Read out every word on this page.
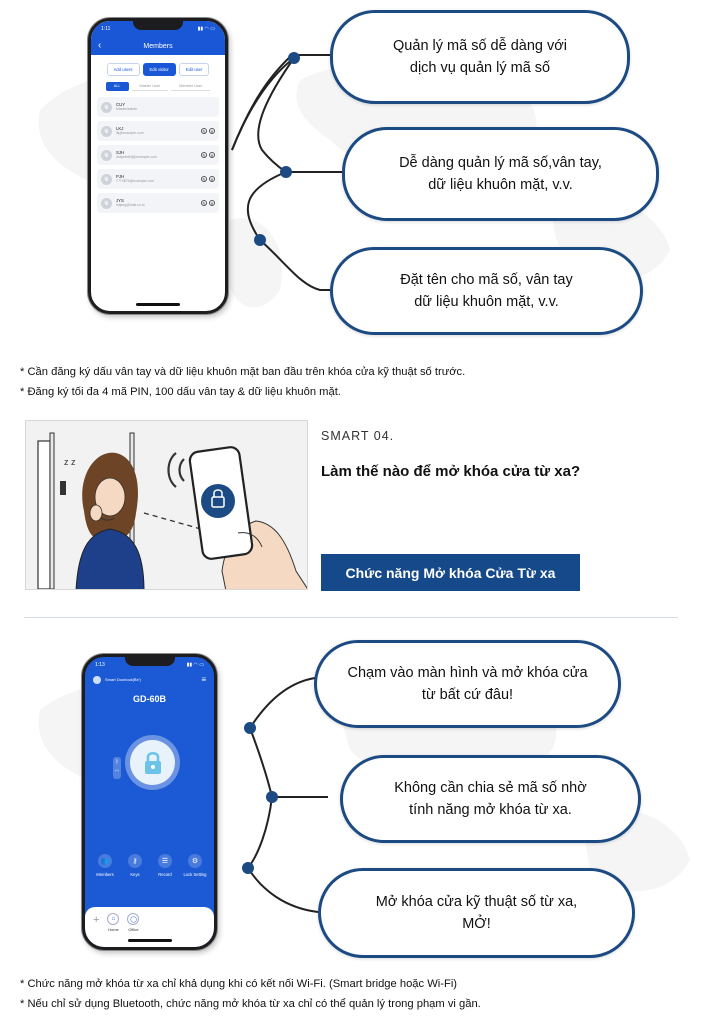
1:11	▮▮ ◠ ▭
‹	Members
Add users	Edit visitor	Edit user
ALL	Master User	Member User
♛	CUY
Master/admin
♛	LKJ
lkj@example.com	✎	✕
♛	SJH
dhkjsdhfkfj@example.com	✎	✕
♛	PJH
7774876@example.com	✎	✕
♛	JYS
ndjsng@naki.co.kr	✎	✕
Quản lý mã số dễ dàng với
dịch vụ quản lý mã số
Dễ dàng quản lý mã số,vân tay,
dữ liệu khuôn mặt, v.v.
Đặt tên cho mã số, vân tay
dữ liệu khuôn mặt, v.v.
* Cần đăng ký dấu vân tay và dữ liệu khuôn mặt ban đầu trên khóa cửa kỹ thuật số trước.
* Đăng ký tối đa 4 mã PIN, 100 dấu vân tay & dữ liệu khuôn mặt.
z z
SMART 04.
Làm thế nào để mở khóa cửa từ xa?
Chức năng Mở khóa Cửa Từ xa
1:13	▮▮ ◠ ▭
Smart Doorlock(Be')	≡
GD-60B
ᛒ
◠
👥
Members
⚷
Keys
☰
Record
⚙
Lock Setting
+	⌂
Home
◯
Office
Chạm vào màn hình và mở khóa cửa
từ bất cứ đâu!
Không cần chia sẻ mã số nhờ
tính năng mở khóa từ xa.
Mở khóa cửa kỹ thuật số từ xa,
MỞ!
* Chức năng mở khóa từ xa chỉ khả dụng khi có kết nối Wi-Fi. (Smart bridge hoặc Wi-Fi)
* Nếu chỉ sử dụng Bluetooth, chức năng mở khóa từ xa chỉ có thể quản lý trong phạm vi gần.
